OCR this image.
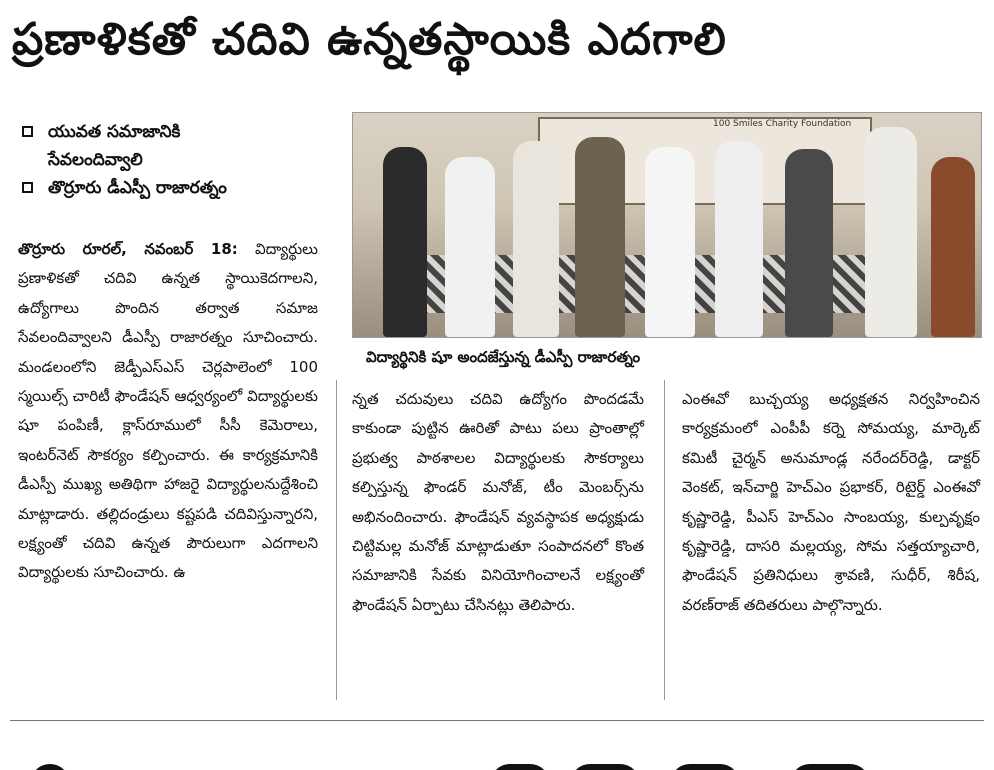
ప్రణాళికతో చదివి ఉన్నతస్థాయికి ఎదగాలి
యువత సమాజానికి
సేవలందివ్వాలి
తొర్రూరు డీఎస్పీ రాజారత్నం

తొర్రూరు రూరల్‌, నవంబర్‌ 18: విద్యార్థులు ప్రణాళికతో చదివి ఉన్నత స్థాయికెదగాలని, ఉద్యోగాలు పొందిన తర్వాత సమాజ సేవలందివ్వాలని డీఎస్పీ రాజారత్నం సూచించారు. మండలంలోని జెడ్పీఎస్‌ఎస్‌ చెర్లపాలెంలో 100 స్మయిల్స్‌ చారిటీ ఫౌండేషన్‌ ఆధ్వర్యంలో విద్యార్థులకు షూ పంపిణీ, క్లాస్‌రూములో సీసీ కెమెరాలు, ఇంటర్‌నెట్‌ సౌకర్యం కల్పించారు. ఈ కార్యక్రమానికి డీఎస్పీ ముఖ్య అతిథిగా హాజరై విద్యార్థులనుద్దేశించి మాట్లాడారు. తల్లిదండ్రులు కష్టపడి చదివిస్తున్నారని, లక్ష్యంతో చదివి ఉన్నత పౌరులుగా ఎదగాలని విద్యార్థులకు సూచించారు. ఉ

100 Smiles Charity Foundation
విద్యార్థినికి షూ అందజేస్తున్న డీఎస్పీ రాజారత్నం

న్నత చదువులు చదివి ఉద్యోగం పొందడమే కాకుండా పుట్టిన ఊరితో పాటు పలు ప్రాంతాల్లో ప్రభుత్వ పాఠశాలల విద్యార్థులకు సౌకర్యాలు కల్పిస్తున్న ఫౌండర్‌ మనోజ్‌, టీం మెంబర్స్‌ను అభినందించారు. ఫౌండేషన్‌ వ్యవస్థాపక అధ్యక్షుడు చిట్టిమల్ల మనోజ్‌ మాట్లాడుతూ సంపాదనలో కొంత సమాజానికి సేవకు వినియోగించాలనే లక్ష్యంతో ఫౌండేషన్‌ ఏర్పాటు చేసినట్లు తెలిపారు.

ఎంఈవో బుచ్చయ్య అధ్యక్షతన నిర్వహించిన కార్యక్రమంలో ఎంపీపీ కర్నె సోమయ్య, మార్కెట్‌ కమిటీ చైర్మన్‌ అనుమాండ్ల నరేందర్‌రెడ్డి, డాక్టర్‌ వెంకట్‌, ఇన్‌చార్జి హెచ్‌ఎం ప్రభాకర్‌, రిటైర్డ్‌ ఎంఈవో కృష్ణారెడ్డి, పీఎస్‌ హెచ్‌ఎం సాంబయ్య, కుల్పవృక్షం కృష్ణారెడ్డి, దాసరి మల్లయ్య, సోమ సత్తయ్యాచారి, ఫౌండేషన్‌ ప్రతినిధులు శ్రావణి, సుధీర్‌, శిరీష, వరణ్‌రాజ్‌ తదితరులు పాల్గొన్నారు.
